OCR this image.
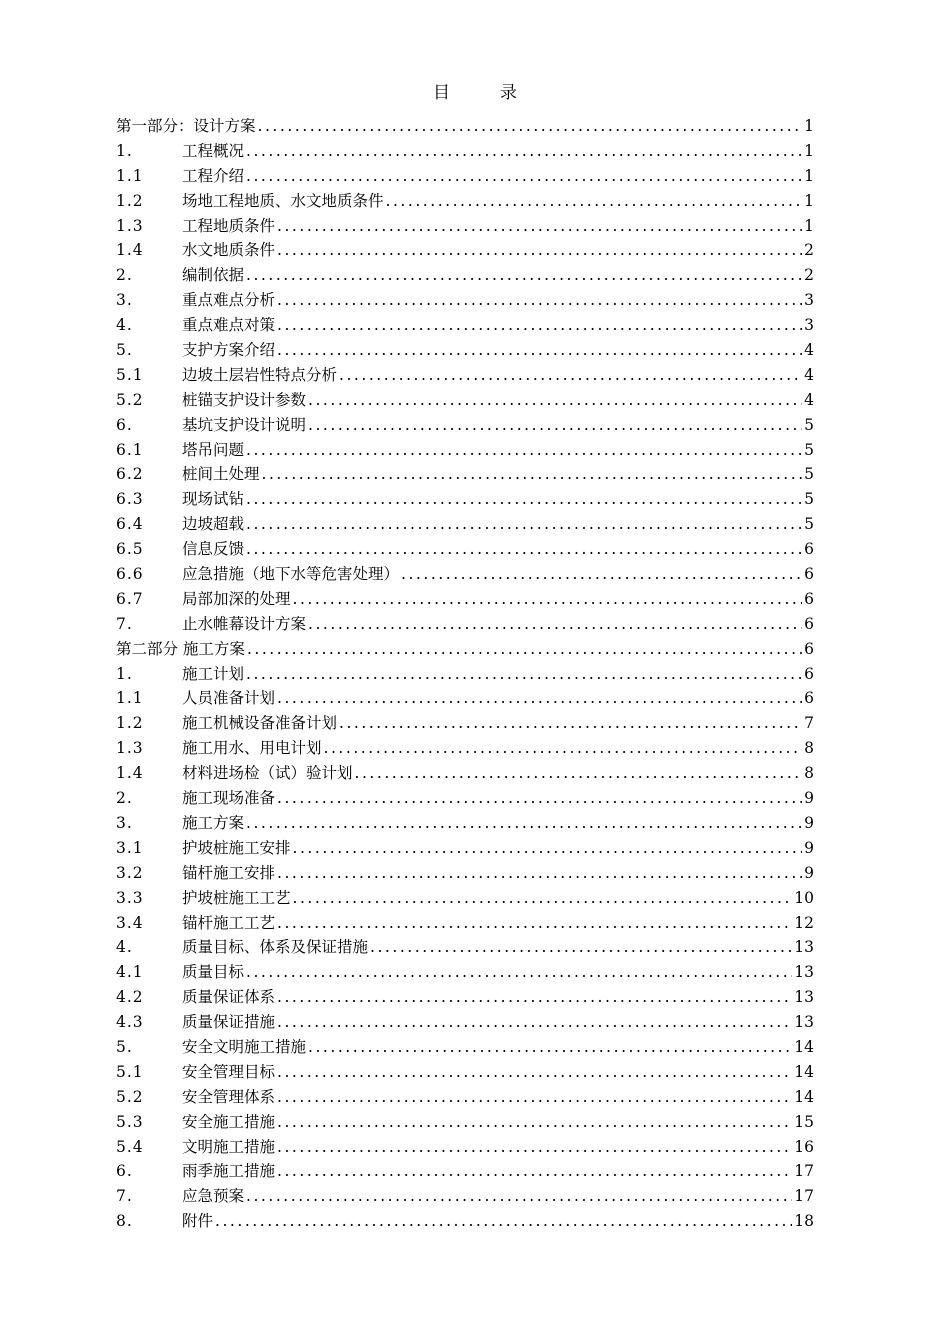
目	录
第一部分：设计方案 . . .	1
1.	工程概况 . . .	1
1.1	工程介绍 . . .	1
1.2	场地工程地质、水文地质条件 . . .	1
1.3	工程地质条件 . . .	1
1.4	水文地质条件 . . .	2
2.	编制依据 . . .	2
3.	重点难点分析 . . .	3
4.	重点难点对策 . . .	3
5.	支护方案介绍 . . .	4
5.1	边坡土层岩性特点分析 . . .	4
5.2	桩锚支护设计参数 . . .	4
6.	基坑支护设计说明 . . .	5
6.1	塔吊问题 . . .	5
6.2	桩间土处理 . . .	5
6.3	现场试钻 . . .	5
6.4	边坡超载 . . .	5
6.5	信息反馈 . . .	6
6.6	应急措施（地下水等危害处理） . . .	6
6.7	局部加深的处理 . . .	6
7.	止水帷幕设计方案 . . .	6
第二部分 施工方案 . . .	6
1.	施工计划 . . .	6
1.1	人员准备计划 . . .	6
1.2	施工机械设备准备计划 . . .	7
1.3	施工用水、用电计划 . . .	8
1.4	材料进场检（试）验计划 . . .	8
2.	施工现场准备 . . .	9
3.	施工方案 . . .	9
3.1	护坡桩施工安排 . . .	9
3.2	锚杆施工安排 . . .	9
3.3	护坡桩施工工艺 . . .	10
3.4	锚杆施工工艺 . . .	12
4.	质量目标、体系及保证措施 . . .	13
4.1	质量目标 . . .	13
4.2	质量保证体系 . . .	13
4.3	质量保证措施 . . .	13
5.	安全文明施工措施 . . .	14
5.1	安全管理目标 . . .	14
5.2	安全管理体系 . . .	14
5.3	安全施工措施 . . .	15
5.4	文明施工措施 . . .	16
6.	雨季施工措施 . . .	17
7.	应急预案 . . .	17
8.	附件 . . .	18
